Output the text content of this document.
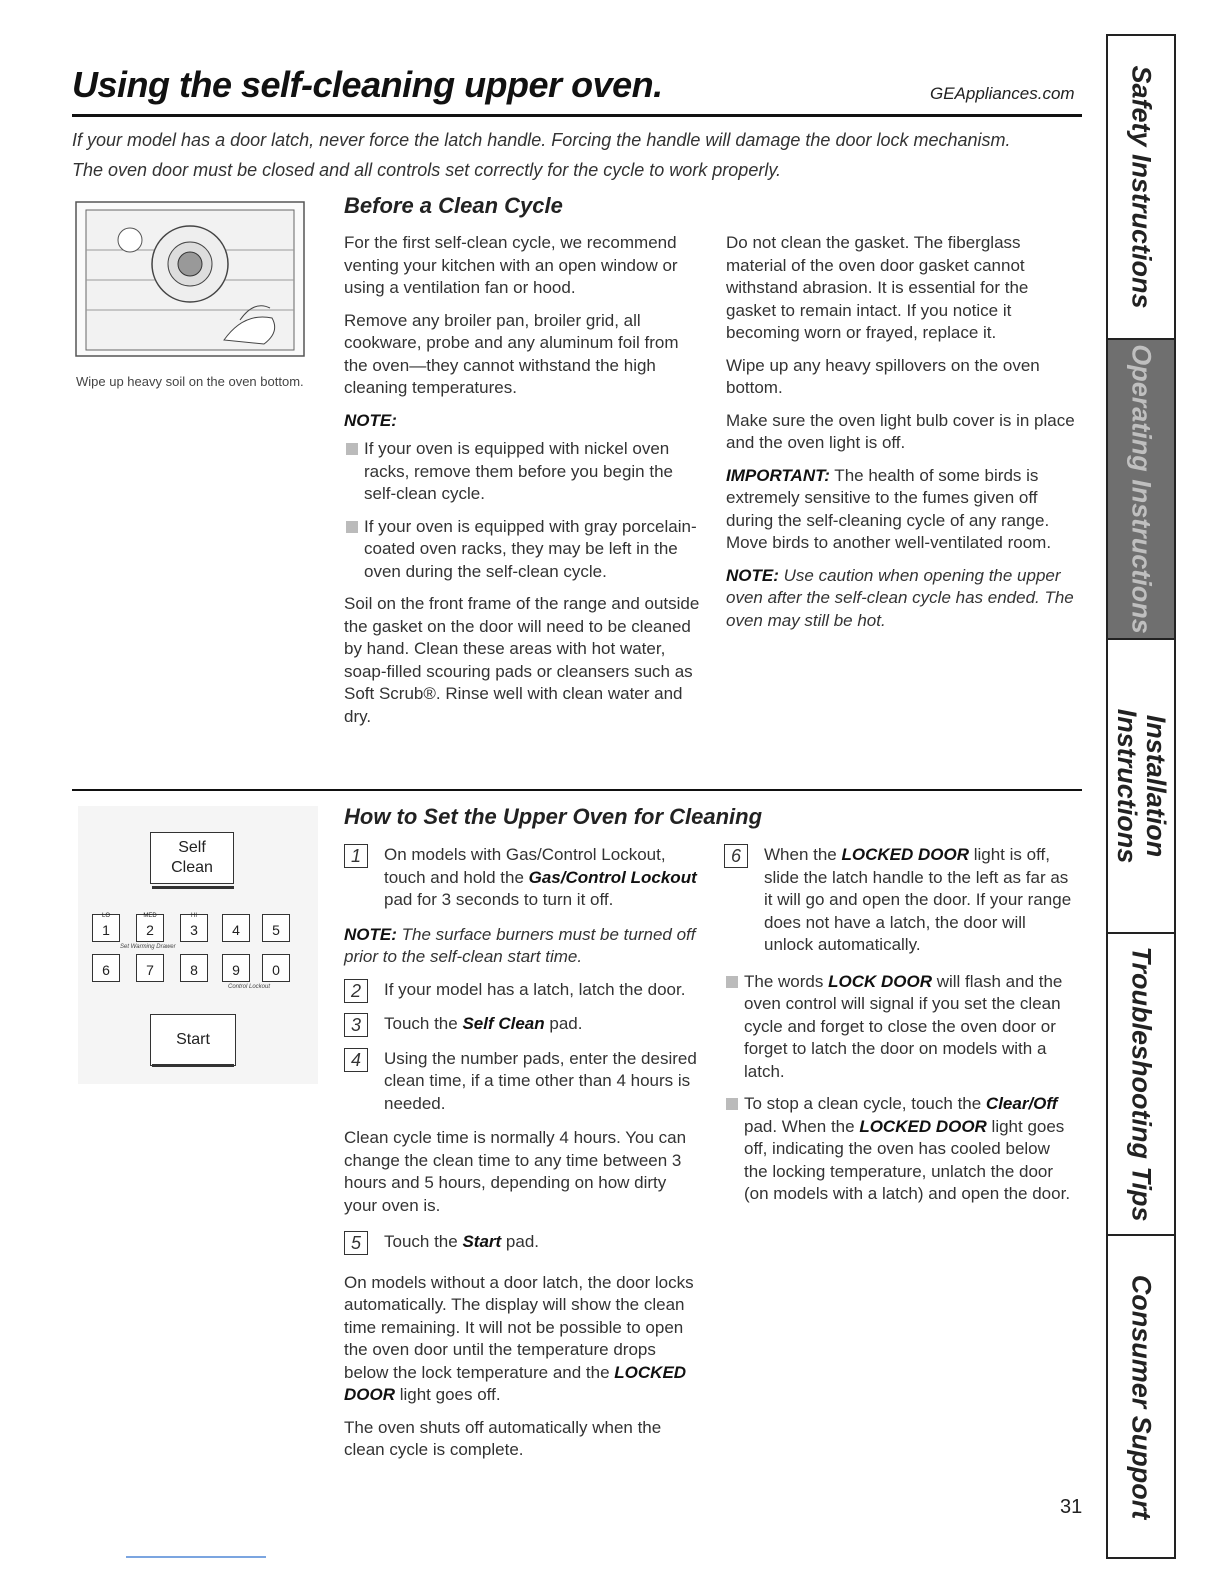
Using the self-cleaning upper oven.	GEAppliances.com
If your model has a door latch, never force the latch handle. Forcing the handle will damage the door lock mechanism.
The oven door must be closed and all controls set correctly for the cycle to work properly.
Wipe up heavy soil on the oven bottom.
Before a Clean Cycle

For the first self-clean cycle, we recommend venting your kitchen with an open window or using a ventilation fan or hood.

Remove any broiler pan, broiler grid, all cookware, probe and any aluminum foil from the oven—they cannot withstand the high cleaning temperatures.

NOTE:

If your oven is equipped with nickel oven racks, remove them before you begin the self-clean cycle.
If your oven is equipped with gray porcelain-coated oven racks, they may be left in the oven during the self-clean cycle.

Soil on the front frame of the range and outside the gasket on the door will need to be cleaned by hand. Clean these areas with hot water, soap-filled scouring pads or cleansers such as Soft Scrub®. Rinse well with clean water and dry.

Do not clean the gasket. The fiberglass material of the oven door gasket cannot withstand abrasion. It is essential for the gasket to remain intact. If you notice it becoming worn or frayed, replace it.

Wipe up any heavy spillovers on the oven bottom.

Make sure the oven light bulb cover is in place and the oven light is off.

IMPORTANT: The health of some birds is extremely sensitive to the fumes given off during the self-cleaning cycle of any range. Move birds to another well-ventilated room.

NOTE: Use caution when opening the upper oven after the self-clean cycle has ended. The oven may still be hot.

Self
Clean
LO
1
MED
2
HI
3	4	5
Set Warming Drawer
6	7	8	9	0
Control Lockout
Start
How to Set the Upper Oven for Cleaning
1	On models with Gas/Control Lockout, touch and hold the Gas/Control Lockout pad for 3 seconds to turn it off.

NOTE: The surface burners must be turned off prior to the self-clean start time.

2	If your model has a latch, latch the door.
3	Touch the Self Clean pad.
4	Using the number pads, enter the desired clean time, if a time other than 4 hours is needed.

Clean cycle time is normally 4 hours. You can change the clean time to any time between 3 hours and 5 hours, depending on how dirty your oven is.

5	Touch the Start pad.

On models without a door latch, the door locks automatically. The display will show the clean time remaining. It will not be possible to open the oven door until the temperature drops below the lock temperature and the LOCKED DOOR light goes off.

The oven shuts off automatically when the clean cycle is complete.

6	When the LOCKED DOOR light is off, slide the latch handle to the left as far as it will go and open the door. If your range does not have a latch, the door will unlock automatically.
The words LOCK DOOR will flash and the oven control will signal if you set the clean cycle and forget to close the oven door or forget to latch the door on models with a latch.
To stop a clean cycle, touch the Clear/Off pad. When the LOCKED DOOR light goes off, indicating the oven has cooled below the locking temperature, unlatch the door (on models with a latch) and open the door.
Safety Instructions
Operating Instructions
Installation
Instructions
Troubleshooting Tips
Consumer Support
31
